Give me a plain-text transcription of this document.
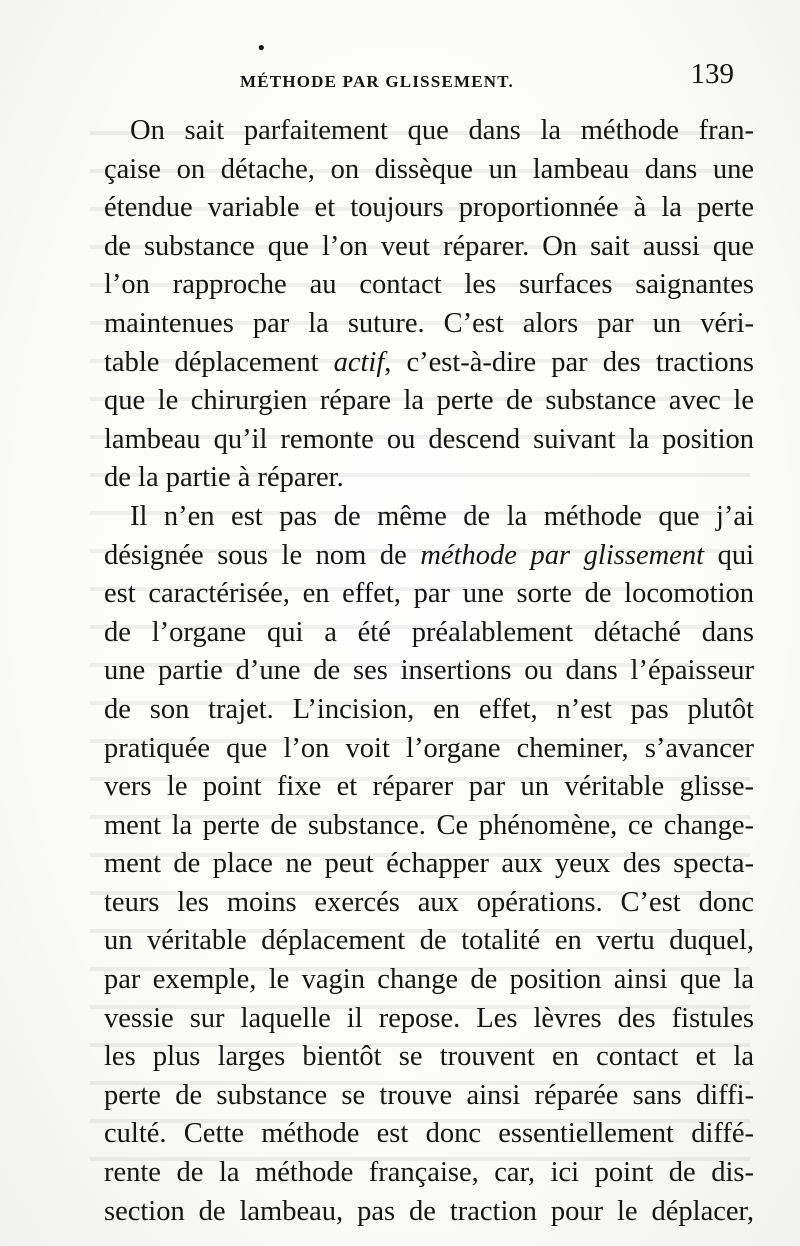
•
MÉTHODE PAR GLISSEMENT.	139
On sait parfaitement que dans la méthode fran-
çaise on détache, on dissèque un lambeau dans une
étendue variable et toujours proportionnée à la perte
de substance que l’on veut réparer. On sait aussi que
l’on rapproche au contact les surfaces saignantes
maintenues par la suture. C’est alors par un véri-
table déplacement actif, c’est-à-dire par des tractions
que le chirurgien répare la perte de substance avec le
lambeau qu’il remonte ou descend suivant la position
de la partie à réparer.
Il n’en est pas de même de la méthode que j’ai
désignée sous le nom de méthode par glissement qui
est caractérisée, en effet, par une sorte de locomotion
de l’organe qui a été préalablement détaché dans
une partie d’une de ses insertions ou dans l’épaisseur
de son trajet. L’incision, en effet, n’est pas plutôt
pratiquée que l’on voit l’organe cheminer, s’avancer
vers le point fixe et réparer par un véritable glisse-
ment la perte de substance. Ce phénomène, ce change-
ment de place ne peut échapper aux yeux des specta-
teurs les moins exercés aux opérations. C’est donc
un véritable déplacement de totalité en vertu duquel,
par exemple, le vagin change de position ainsi que la
vessie sur laquelle il repose. Les lèvres des fistules
les plus larges bientôt se trouvent en contact et la
perte de substance se trouve ainsi réparée sans diffi-
culté. Cette méthode est donc essentiellement diffé-
rente de la méthode française, car, ici point de dis-
section de lambeau, pas de traction pour le déplacer,
